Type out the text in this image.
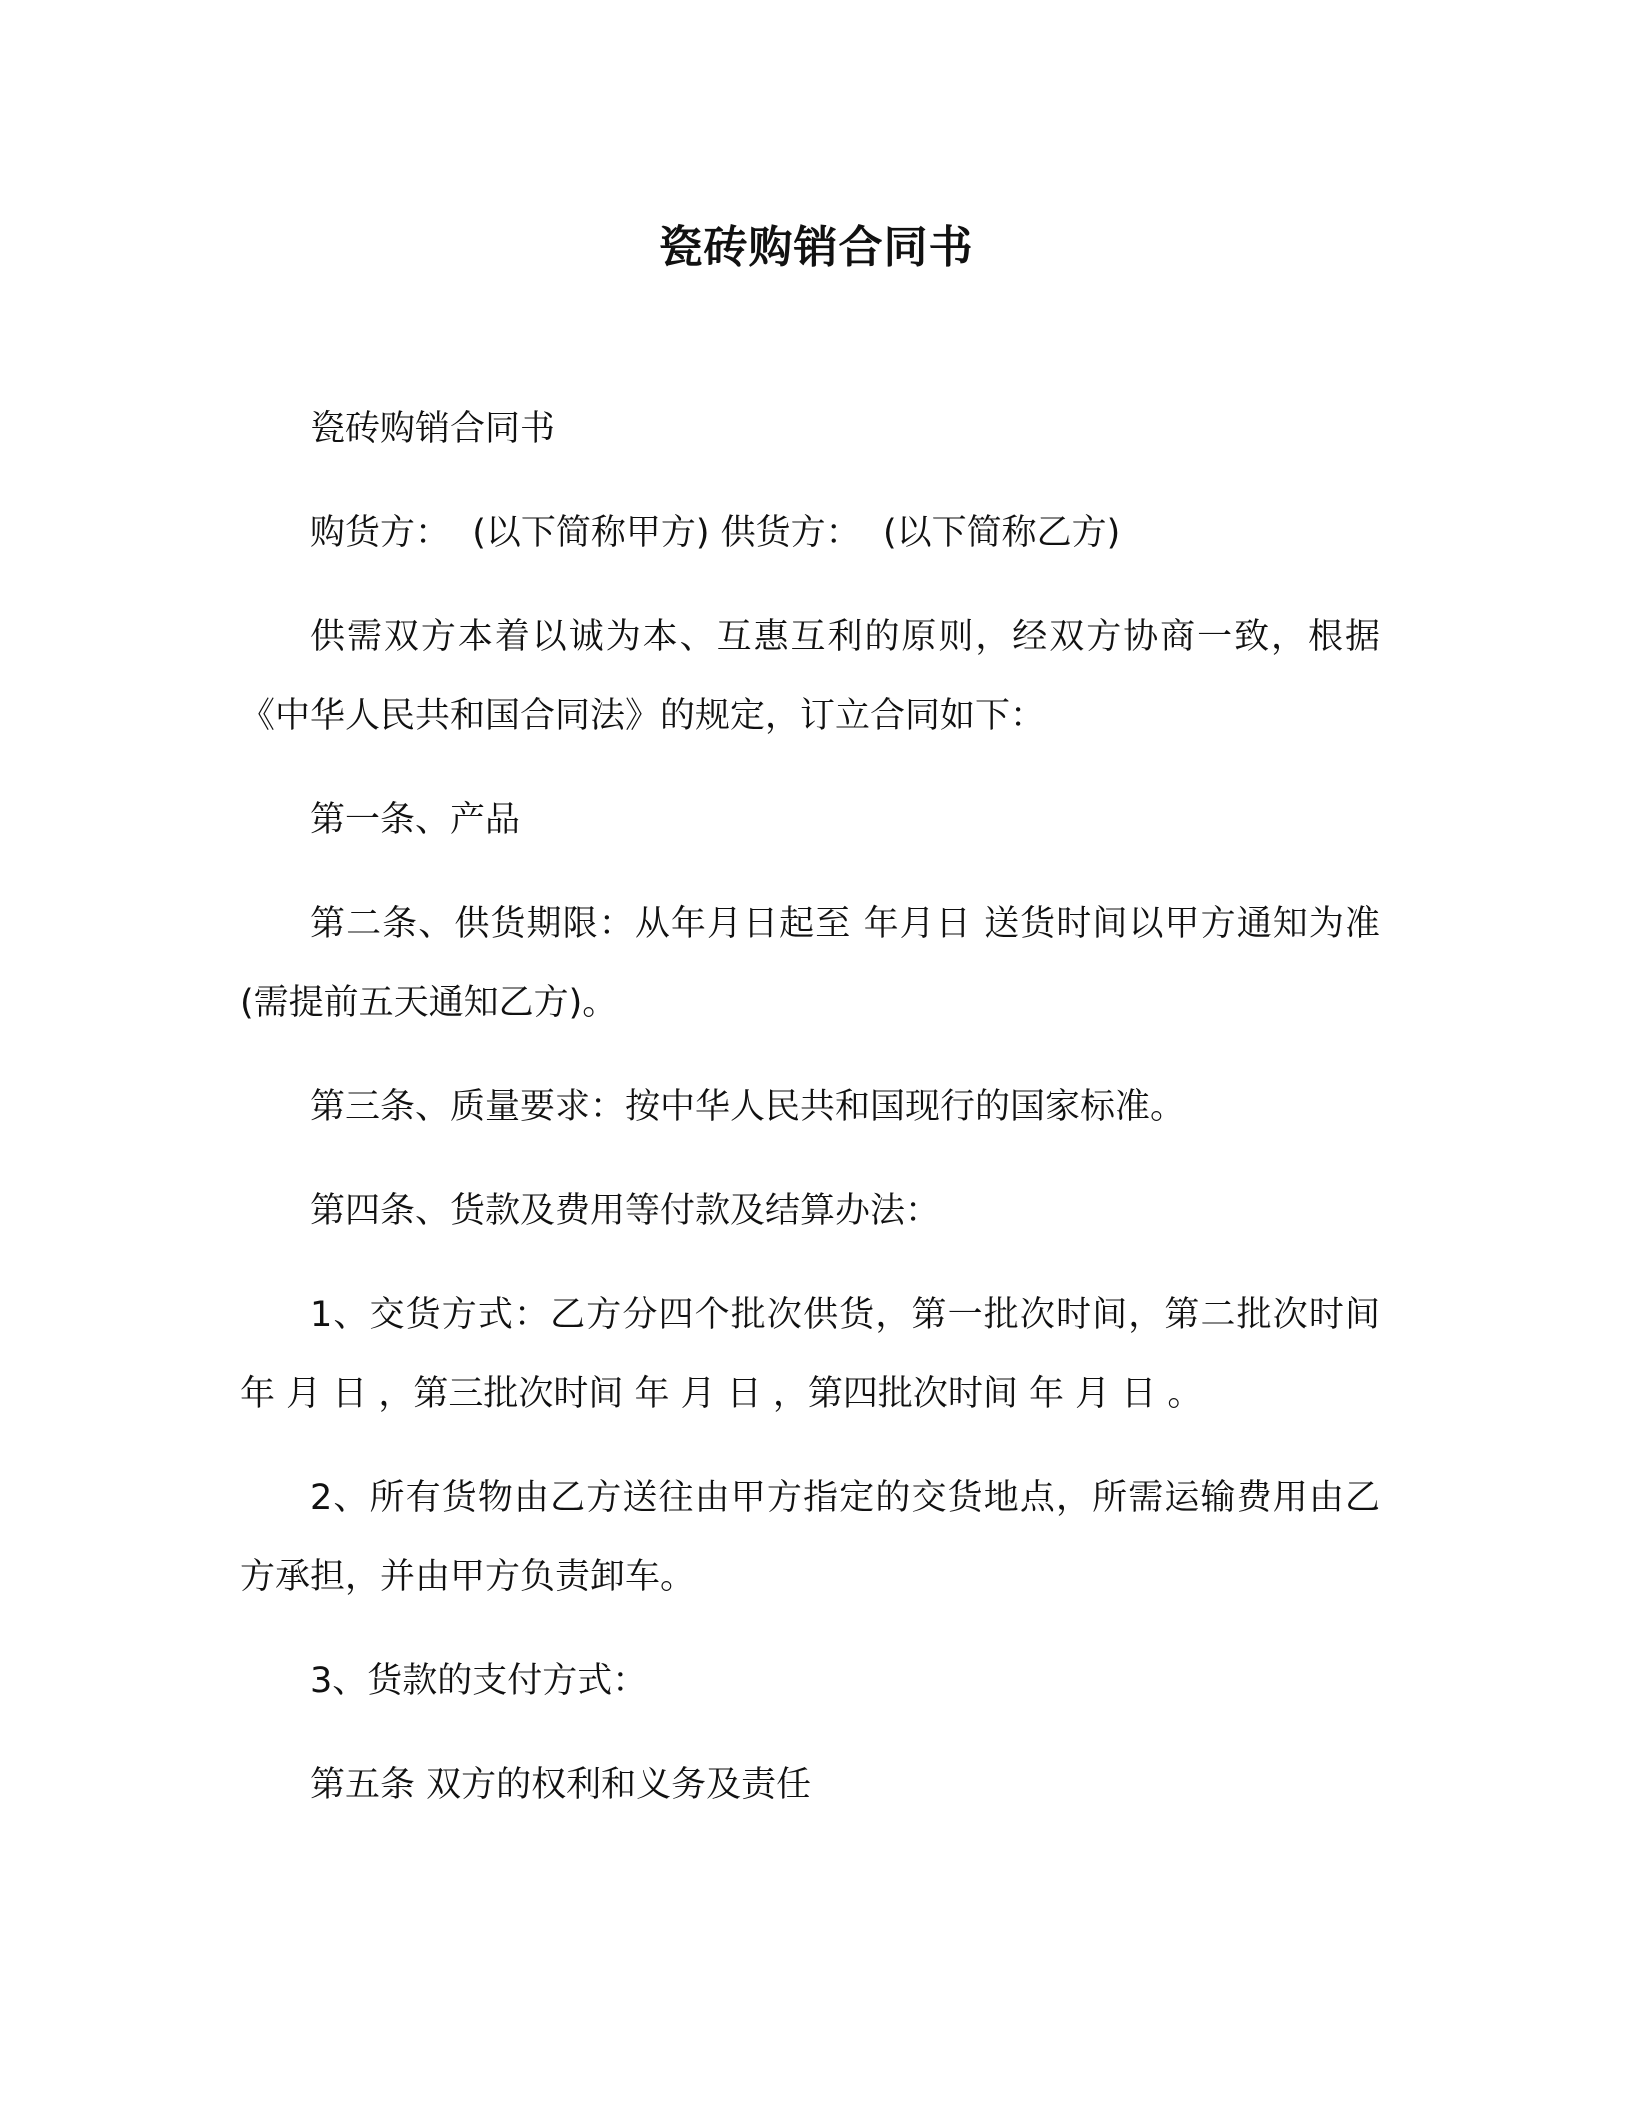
瓷砖购销合同书

瓷砖购销合同书

购货方：  (以下简称甲方) 供货方：  (以下简称乙方)

供需双方本着以诚为本、互惠互利的原则，经双方协商一致，根据《中华人民共和国合同法》的规定，订立合同如下：

第一条、产品

第二条、供货期限：从年月日起至 年月日 送货时间以甲方通知为准(需提前五天通知乙方)。

第三条、质量要求：按中华人民共和国现行的国家标准。

第四条、货款及费用等付款及结算办法：

1、交货方式：乙方分四个批次供货，第一批次时间，第二批次时间 年 月 日 ，第三批次时间 年 月 日 ，第四批次时间 年 月 日 。

2、所有货物由乙方送往由甲方指定的交货地点，所需运输费用由乙方承担，并由甲方负责卸车。

3、货款的支付方式：

第五条 双方的权利和义务及责任
